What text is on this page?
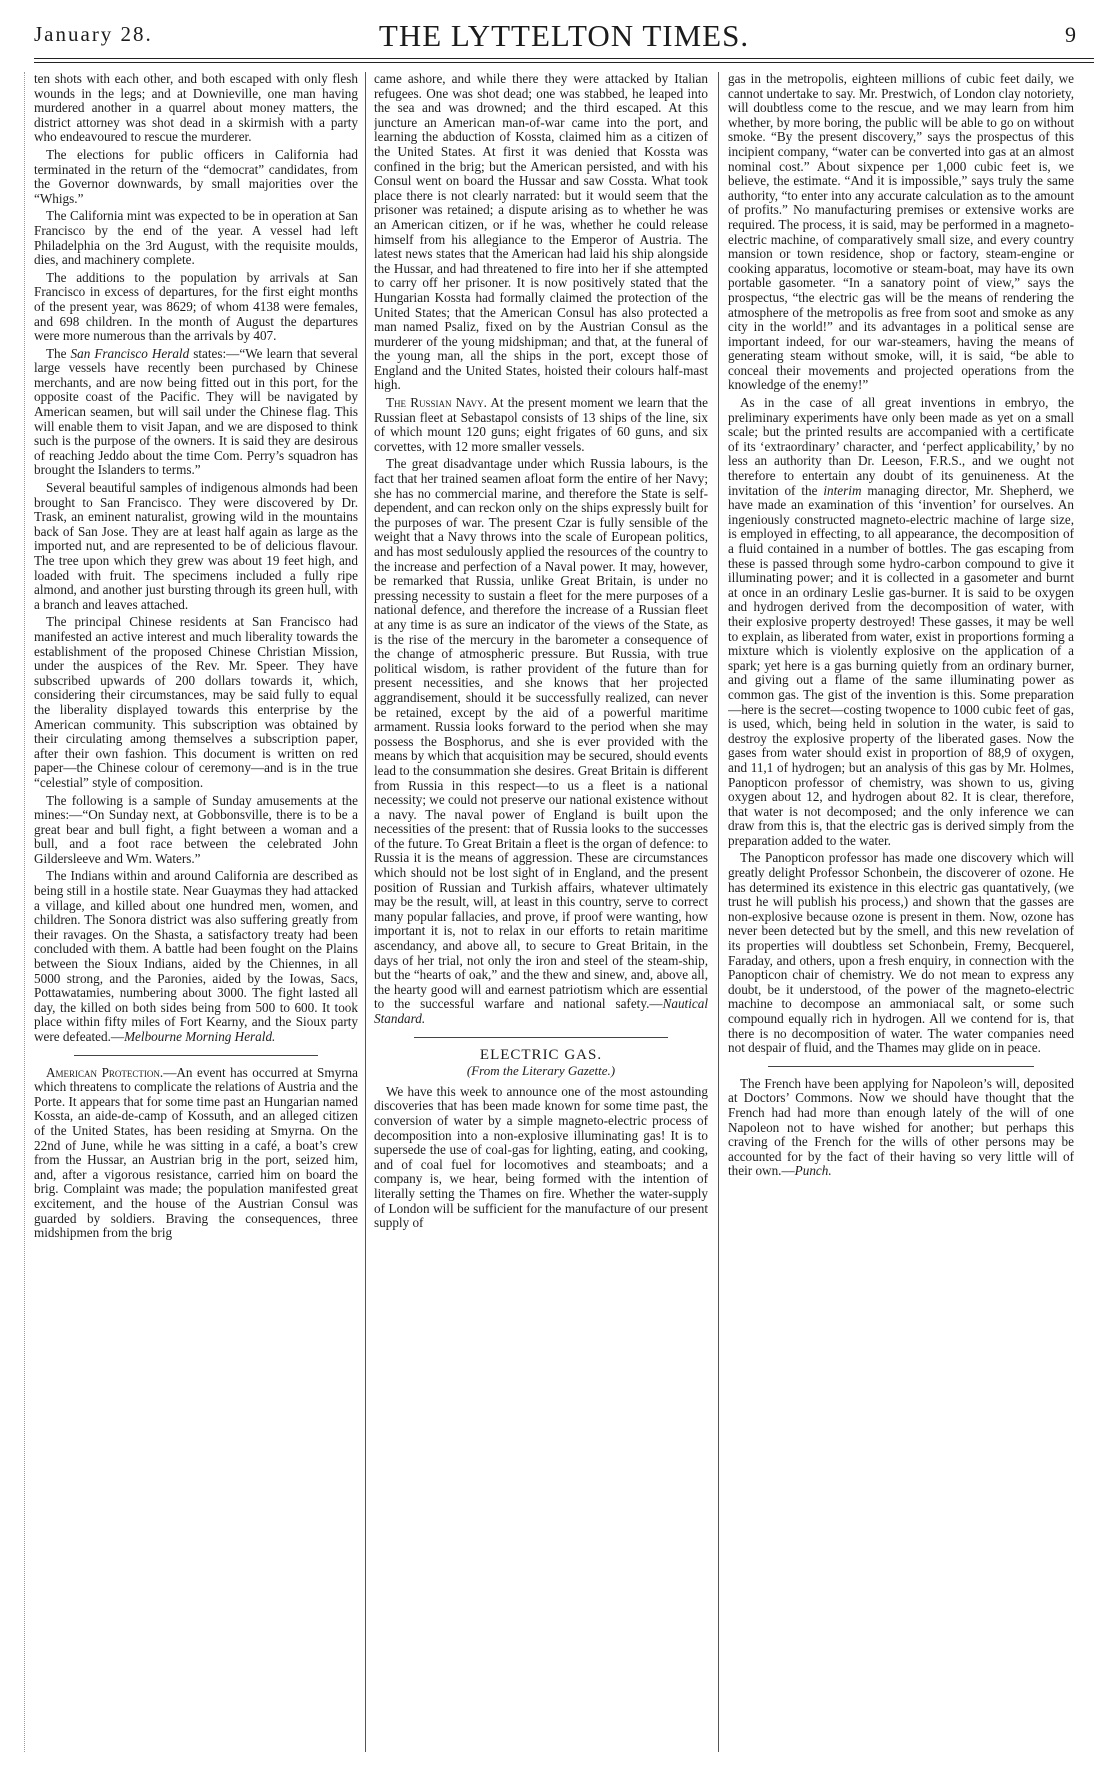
January 28.	THE LYTTELTON TIMES.	9

ten shots with each other, and both escaped with only flesh wounds in the legs; and at Downieville, one man having murdered another in a quarrel about money matters, the district attorney was shot dead in a skirmish with a party who endeavoured to rescue the murderer.

The elections for public officers in California had terminated in the return of the “democrat” candidates, from the Governor downwards, by small majorities over the “Whigs.”

The California mint was expected to be in operation at San Francisco by the end of the year. A vessel had left Philadelphia on the 3rd August, with the requisite moulds, dies, and machinery complete.

The additions to the population by arrivals at San Francisco in excess of departures, for the first eight months of the present year, was 8629; of whom 4138 were females, and 698 children. In the month of August the departures were more numerous than the arrivals by 407.

The San Francisco Herald states:—“We learn that several large vessels have recently been purchased by Chinese merchants, and are now being fitted out in this port, for the opposite coast of the Pacific. They will be navigated by American seamen, but will sail under the Chinese flag. This will enable them to visit Japan, and we are disposed to think such is the purpose of the owners. It is said they are desirous of reaching Jeddo about the time Com. Perry’s squadron has brought the Islanders to terms.”

Several beautiful samples of indigenous almonds had been brought to San Francisco. They were discovered by Dr. Trask, an eminent naturalist, growing wild in the mountains back of San Jose. They are at least half again as large as the imported nut, and are represented to be of delicious flavour. The tree upon which they grew was about 19 feet high, and loaded with fruit. The specimens included a fully ripe almond, and another just bursting through its green hull, with a branch and leaves attached.

The principal Chinese residents at San Francisco had manifested an active interest and much liberality towards the establishment of the proposed Chinese Christian Mission, under the auspices of the Rev. Mr. Speer. They have subscribed upwards of 200 dollars towards it, which, considering their circumstances, may be said fully to equal the liberality displayed towards this enterprise by the American community. This subscription was obtained by their circulating among themselves a subscription paper, after their own fashion. This document is written on red paper—the Chinese colour of ceremony—and is in the true “celestial” style of composition.

The following is a sample of Sunday amusements at the mines:—“On Sunday next, at Gobbonsville, there is to be a great bear and bull fight, a fight between a woman and a bull, and a foot race between the celebrated John Gildersleeve and Wm. Waters.”

The Indians within and around California are described as being still in a hostile state. Near Guaymas they had attacked a village, and killed about one hundred men, women, and children. The Sonora district was also suffering greatly from their ravages. On the Shasta, a satisfactory treaty had been concluded with them. A battle had been fought on the Plains between the Sioux Indians, aided by the Chiennes, in all 5000 strong, and the Paronies, aided by the Iowas, Sacs, Pottawatamies, numbering about 3000. The fight lasted all day, the killed on both sides being from 500 to 600. It took place within fifty miles of Fort Kearny, and the Sioux party were defeated.—Melbourne Morning Herald.

American Protection.—An event has occurred at Smyrna which threatens to complicate the relations of Austria and the Porte. It appears that for some time past an Hungarian named Kossta, an aide-de-camp of Kossuth, and an alleged citizen of the United States, has been residing at Smyrna. On the 22nd of June, while he was sitting in a café, a boat’s crew from the Hussar, an Austrian brig in the port, seized him, and, after a vigorous resistance, carried him on board the brig. Complaint was made; the population manifested great excitement, and the house of the Austrian Consul was guarded by soldiers. Braving the consequences, three midshipmen from the brig

came ashore, and while there they were attacked by Italian refugees. One was shot dead; one was stabbed, he leaped into the sea and was drowned; and the third escaped. At this juncture an American man-of-war came into the port, and learning the abduction of Kossta, claimed him as a citizen of the United States. At first it was denied that Kossta was confined in the brig; but the American persisted, and with his Consul went on board the Hussar and saw Cossta. What took place there is not clearly narrated: but it would seem that the prisoner was retained; a dispute arising as to whether he was an American citizen, or if he was, whether he could release himself from his allegiance to the Emperor of Austria. The latest news states that the American had laid his ship alongside the Hussar, and had threatened to fire into her if she attempted to carry off her prisoner. It is now positively stated that the Hungarian Kossta had formally claimed the protection of the United States; that the American Consul has also protected a man named Psaliz, fixed on by the Austrian Consul as the murderer of the young midshipman; and that, at the funeral of the young man, all the ships in the port, except those of England and the United States, hoisted their colours half-mast high.

The Russian Navy. At the present moment we learn that the Russian fleet at Sebastapol consists of 13 ships of the line, six of which mount 120 guns; eight frigates of 60 guns, and six corvettes, with 12 more smaller vessels.

The great disadvantage under which Russia labours, is the fact that her trained seamen afloat form the entire of her Navy; she has no commercial marine, and therefore the State is self-dependent, and can reckon only on the ships expressly built for the purposes of war. The present Czar is fully sensible of the weight that a Navy throws into the scale of European politics, and has most sedulously applied the resources of the country to the increase and perfection of a Naval power. It may, however, be remarked that Russia, unlike Great Britain, is under no pressing necessity to sustain a fleet for the mere purposes of a national defence, and therefore the increase of a Russian fleet at any time is as sure an indicator of the views of the State, as is the rise of the mercury in the barometer a consequence of the change of atmospheric pressure. But Russia, with true political wisdom, is rather provident of the future than for present necessities, and she knows that her projected aggrandisement, should it be successfully realized, can never be retained, except by the aid of a powerful maritime armament. Russia looks forward to the period when she may possess the Bosphorus, and she is ever provided with the means by which that acquisition may be secured, should events lead to the consummation she desires. Great Britain is different from Russia in this respect—to us a fleet is a national necessity; we could not preserve our national existence without a navy. The naval power of England is built upon the necessities of the present: that of Russia looks to the successes of the future. To Great Britain a fleet is the organ of defence: to Russia it is the means of aggression. These are circumstances which should not be lost sight of in England, and the present position of Russian and Turkish affairs, whatever ultimately may be the result, will, at least in this country, serve to correct many popular fallacies, and prove, if proof were wanting, how important it is, not to relax in our efforts to retain maritime ascendancy, and above all, to secure to Great Britain, in the days of her trial, not only the iron and steel of the steam-ship, but the “hearts of oak,” and the thew and sinew, and, above all, the hearty good will and earnest patriotism which are essential to the successful warfare and national safety.—Nautical Standard.

ELECTRIC GAS.
(From the Literary Gazette.)

We have this week to announce one of the most astounding discoveries that has been made known for some time past, the conversion of water by a simple magneto-electric process of decomposition into a non-explosive illuminating gas! It is to supersede the use of coal-gas for lighting, eating, and cooking, and of coal fuel for locomotives and steamboats; and a company is, we hear, being formed with the intention of literally setting the Thames on fire. Whether the water-supply of London will be sufficient for the manufacture of our present supply of

gas in the metropolis, eighteen millions of cubic feet daily, we cannot undertake to say. Mr. Prestwich, of London clay notoriety, will doubtless come to the rescue, and we may learn from him whether, by more boring, the public will be able to go on without smoke. “By the present discovery,” says the prospectus of this incipient company, “water can be converted into gas at an almost nominal cost.” About sixpence per 1,000 cubic feet is, we believe, the estimate. “And it is impossible,” says truly the same authority, “to enter into any accurate calculation as to the amount of profits.” No manufacturing premises or extensive works are required. The process, it is said, may be performed in a magneto-electric machine, of comparatively small size, and every country mansion or town residence, shop or factory, steam-engine or cooking apparatus, locomotive or steam-boat, may have its own portable gasometer. “In a sanatory point of view,” says the prospectus, “the electric gas will be the means of rendering the atmosphere of the metropolis as free from soot and smoke as any city in the world!” and its advantages in a political sense are important indeed, for our war-steamers, having the means of generating steam without smoke, will, it is said, “be able to conceal their movements and projected operations from the knowledge of the enemy!”

As in the case of all great inventions in embryo, the preliminary experiments have only been made as yet on a small scale; but the printed results are accompanied with a certificate of its ‘extraordinary’ character, and ‘perfect applicability,’ by no less an authority than Dr. Leeson, F.R.S., and we ought not therefore to entertain any doubt of its genuineness. At the invitation of the interim managing director, Mr. Shepherd, we have made an examination of this ‘invention’ for ourselves. An ingeniously constructed magneto-electric machine of large size, is employed in effecting, to all appearance, the decomposition of a fluid contained in a number of bottles. The gas escaping from these is passed through some hydro-carbon compound to give it illuminating power; and it is collected in a gasometer and burnt at once in an ordinary Leslie gas-burner. It is said to be oxygen and hydrogen derived from the decomposition of water, with their explosive property destroyed! These gasses, it may be well to explain, as liberated from water, exist in proportions forming a mixture which is violently explosive on the application of a spark; yet here is a gas burning quietly from an ordinary burner, and giving out a flame of the same illuminating power as common gas. The gist of the invention is this. Some preparation—here is the secret—costing twopence to 1000 cubic feet of gas, is used, which, being held in solution in the water, is said to destroy the explosive property of the liberated gases. Now the gases from water should exist in proportion of 88,9 of oxygen, and 11,1 of hydrogen; but an analysis of this gas by Mr. Holmes, Panopticon professor of chemistry, was shown to us, giving oxygen about 12, and hydrogen about 82. It is clear, therefore, that water is not decomposed; and the only inference we can draw from this is, that the electric gas is derived simply from the preparation added to the water.

The Panopticon professor has made one discovery which will greatly delight Professor Schonbein, the discoverer of ozone. He has determined its existence in this electric gas quantatively, (we trust he will publish his process,) and shown that the gasses are non-explosive because ozone is present in them. Now, ozone has never been detected but by the smell, and this new revelation of its properties will doubtless set Schonbein, Fremy, Becquerel, Faraday, and others, upon a fresh enquiry, in connection with the Panopticon chair of chemistry. We do not mean to express any doubt, be it understood, of the power of the magneto-electric machine to decompose an ammoniacal salt, or some such compound equally rich in hydrogen. All we contend for is, that there is no decomposition of water. The water companies need not despair of fluid, and the Thames may glide on in peace.

The French have been applying for Napoleon’s will, deposited at Doctors’ Commons. Now we should have thought that the French had had more than enough lately of the will of one Napoleon not to have wished for another; but perhaps this craving of the French for the wills of other persons may be accounted for by the fact of their having so very little will of their own.—Punch.
